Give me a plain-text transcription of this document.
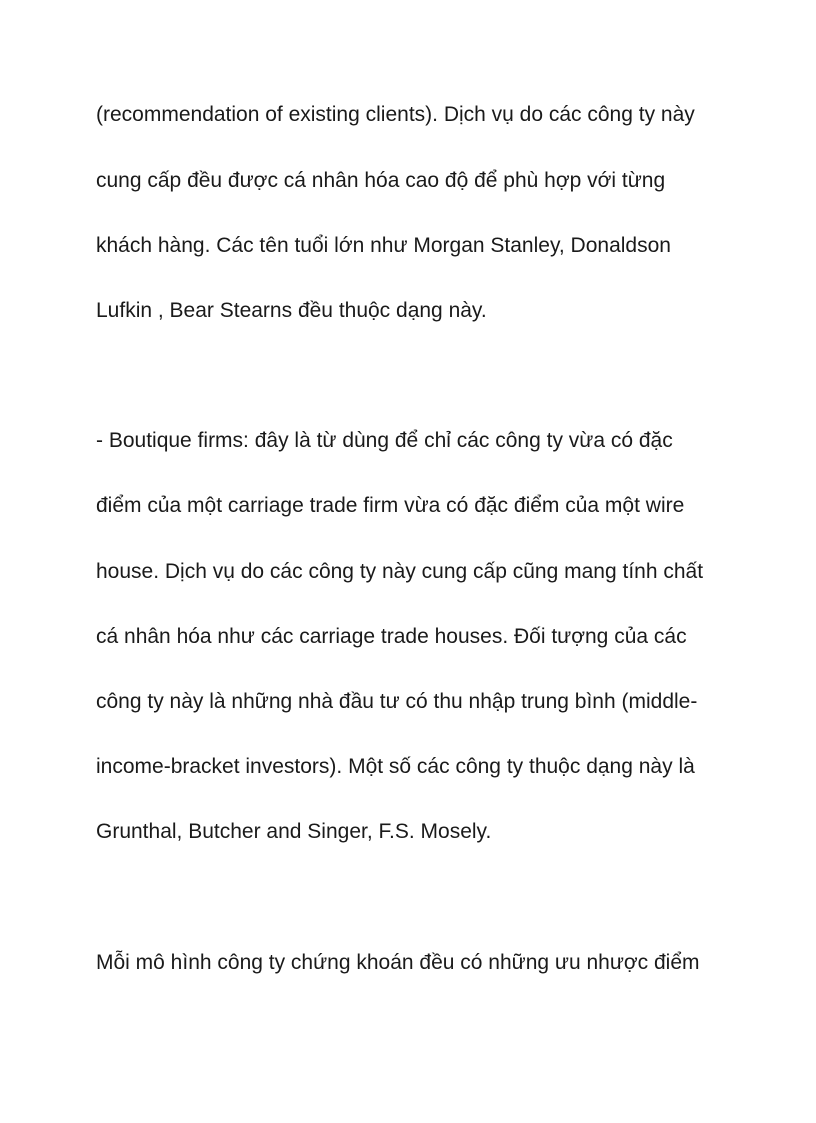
(recommendation of existing clients). Dịch vụ do các công ty này

cung cấp đều được cá nhân hóa cao độ để phù hợp với từng

khách hàng. Các tên tuổi lớn như Morgan Stanley, Donaldson

Lufkin , Bear Stearns đều thuộc dạng này.

- Boutique firms: đây là từ dùng để chỉ các công ty vừa có đặc

điểm của một carriage trade firm vừa có đặc điểm của một wire

house. Dịch vụ do các công ty này cung cấp cũng mang tính chất

cá nhân hóa như các carriage trade houses. Đối tượng của các

công ty này là những nhà đầu tư có thu nhập trung bình (middle-

income-bracket investors). Một số các công ty thuộc dạng này là

Grunthal, Butcher and Singer, F.S. Mosely.

Mỗi mô hình công ty chứng khoán đều có những ưu nhược điểm
